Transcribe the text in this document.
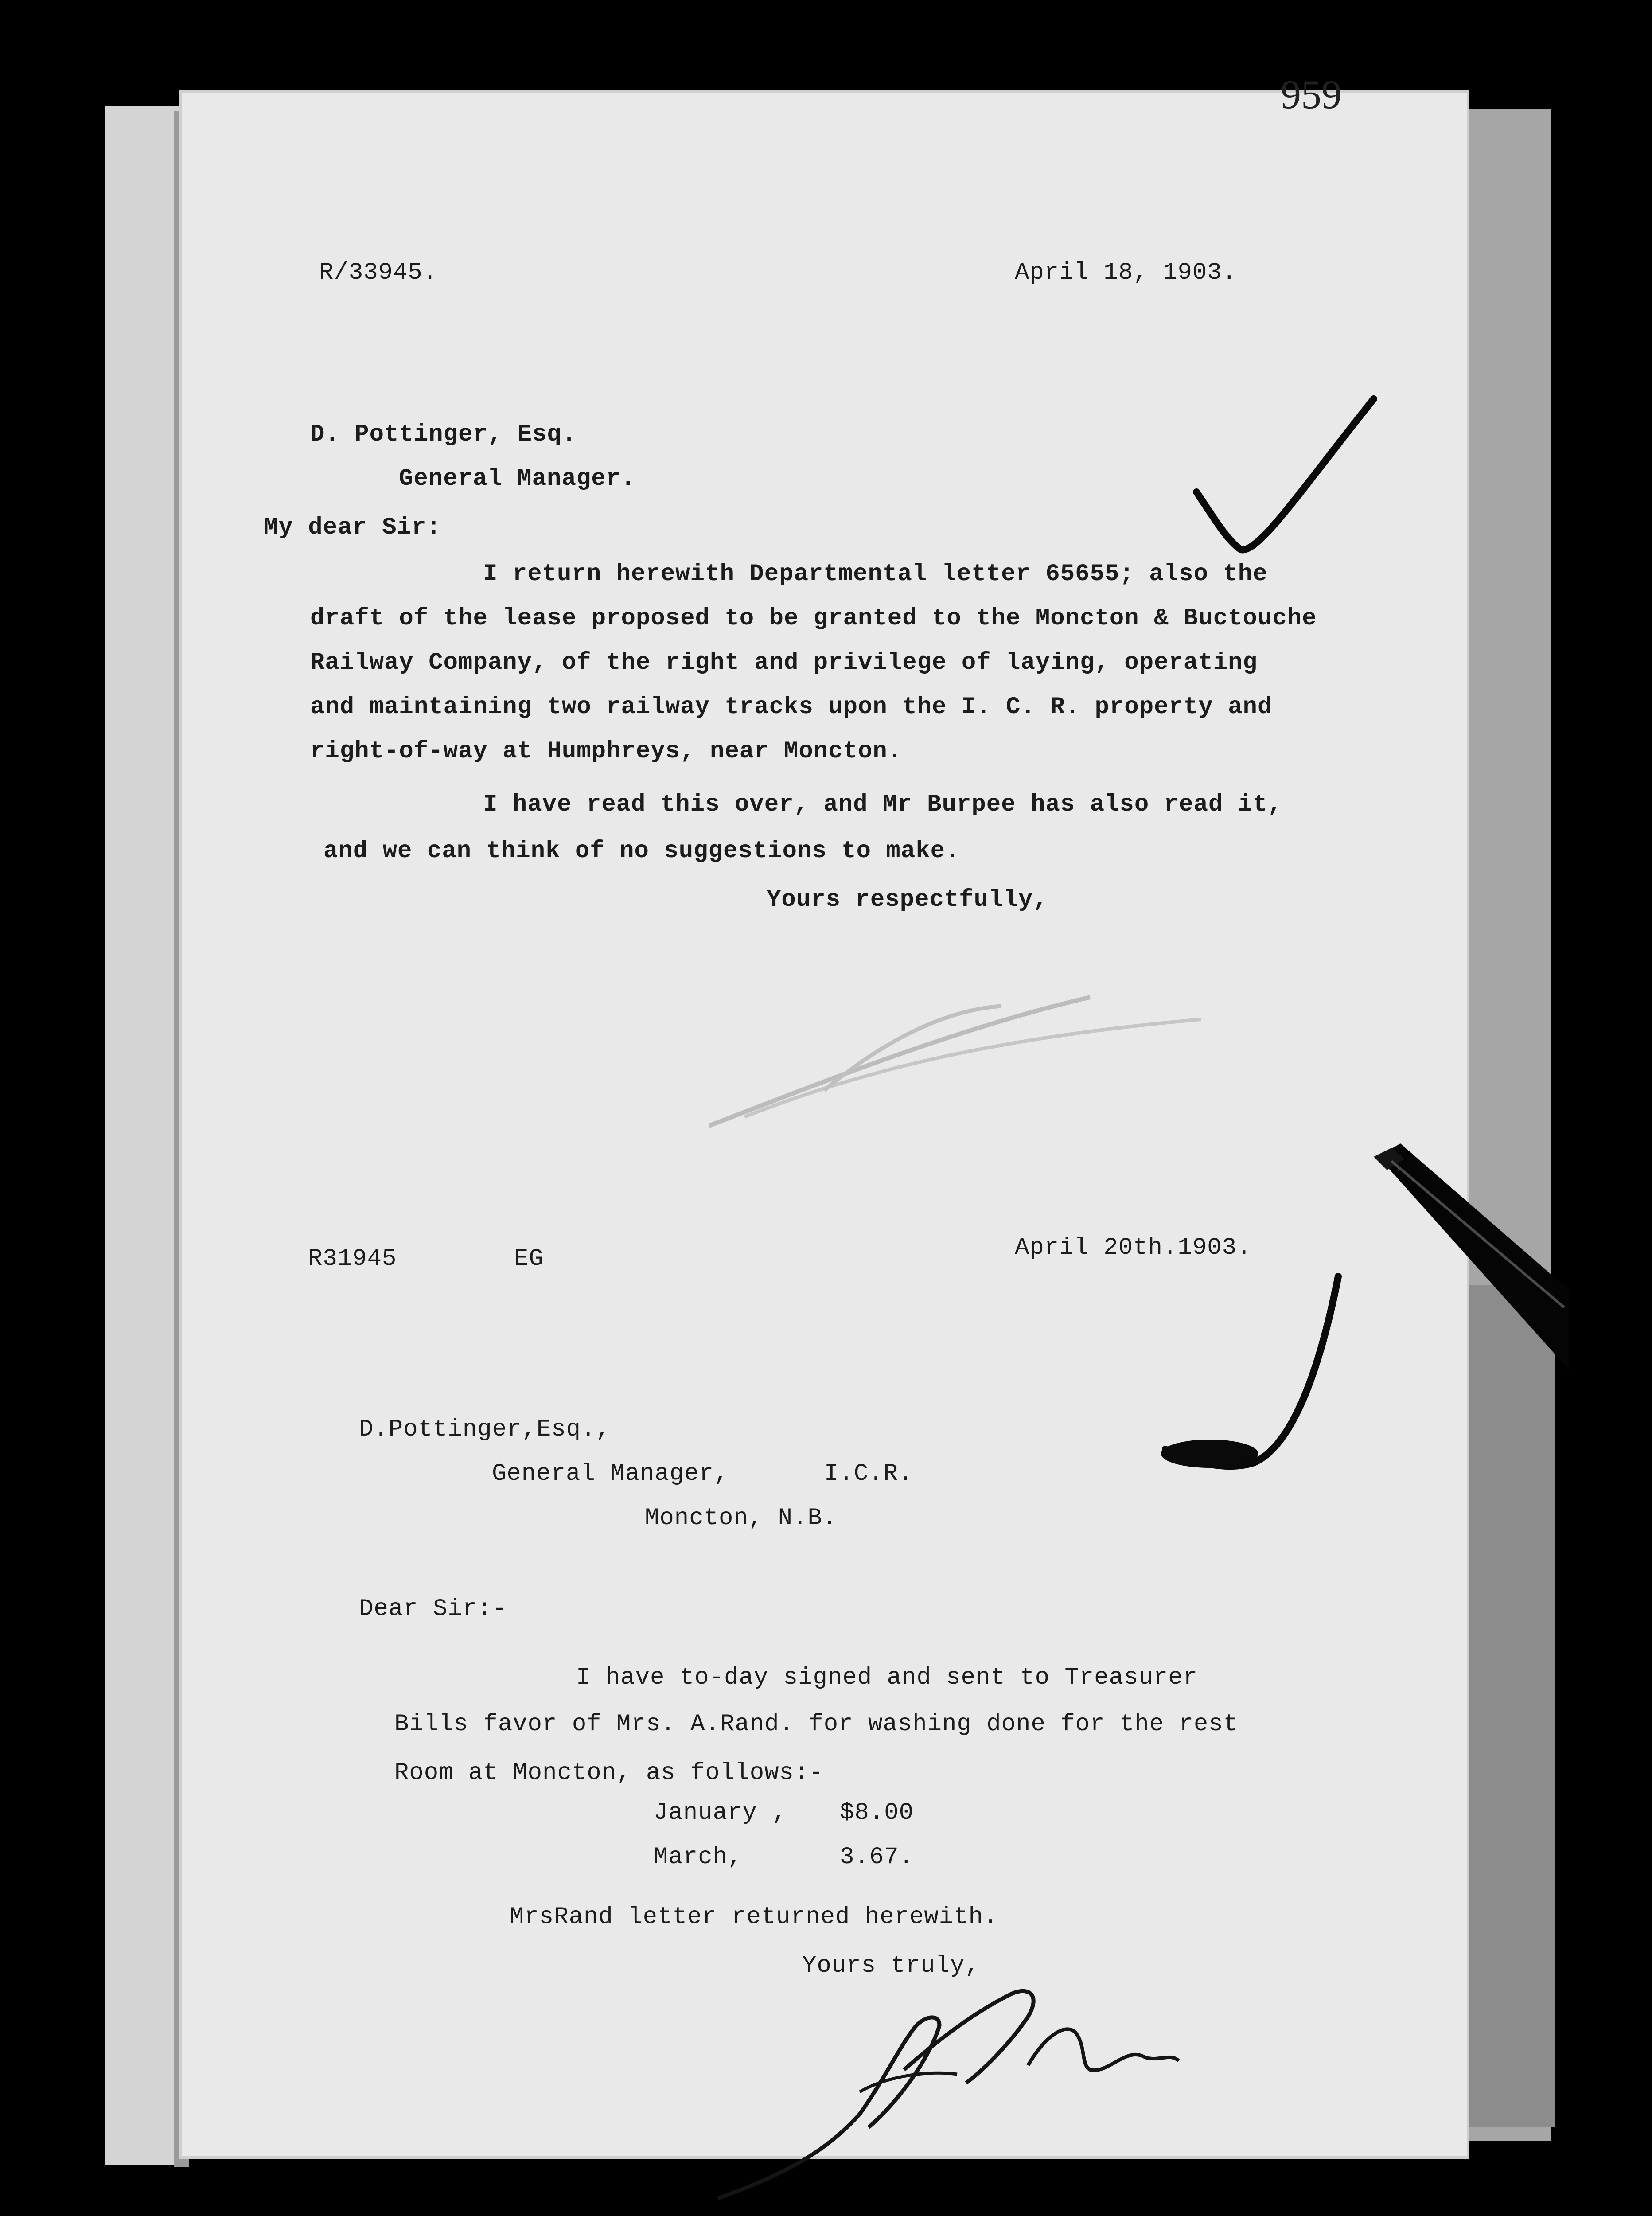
R/33945.	April 18, 1903.
D. Pottinger, Esq.
General Manager.
My dear Sir:
I return herewith Departmental letter 65655; also the
draft of the lease proposed to be granted to the Moncton & Buctouche
Railway Company, of the right and privilege of laying, operating
and maintaining two railway tracks upon the I. C. R. property and
right-of-way at Humphreys, near Moncton.
I have read this over, and Mr Burpee has also read it,
and we can think of no suggestions to make.
Yours respectfully,
R31945	EG	April 20th.1903.
D.Pottinger,Esq.,
General Manager,	I.C.R.
Moncton, N.B.
Dear Sir:-
I have to-day signed and sent to Treasurer
Bills favor of Mrs. A.Rand. for washing done for the rest
Room at Moncton, as follows:-
January , $8.00
March,	3.67.
MrsRand letter returned herewith.
Yours truly,
959
